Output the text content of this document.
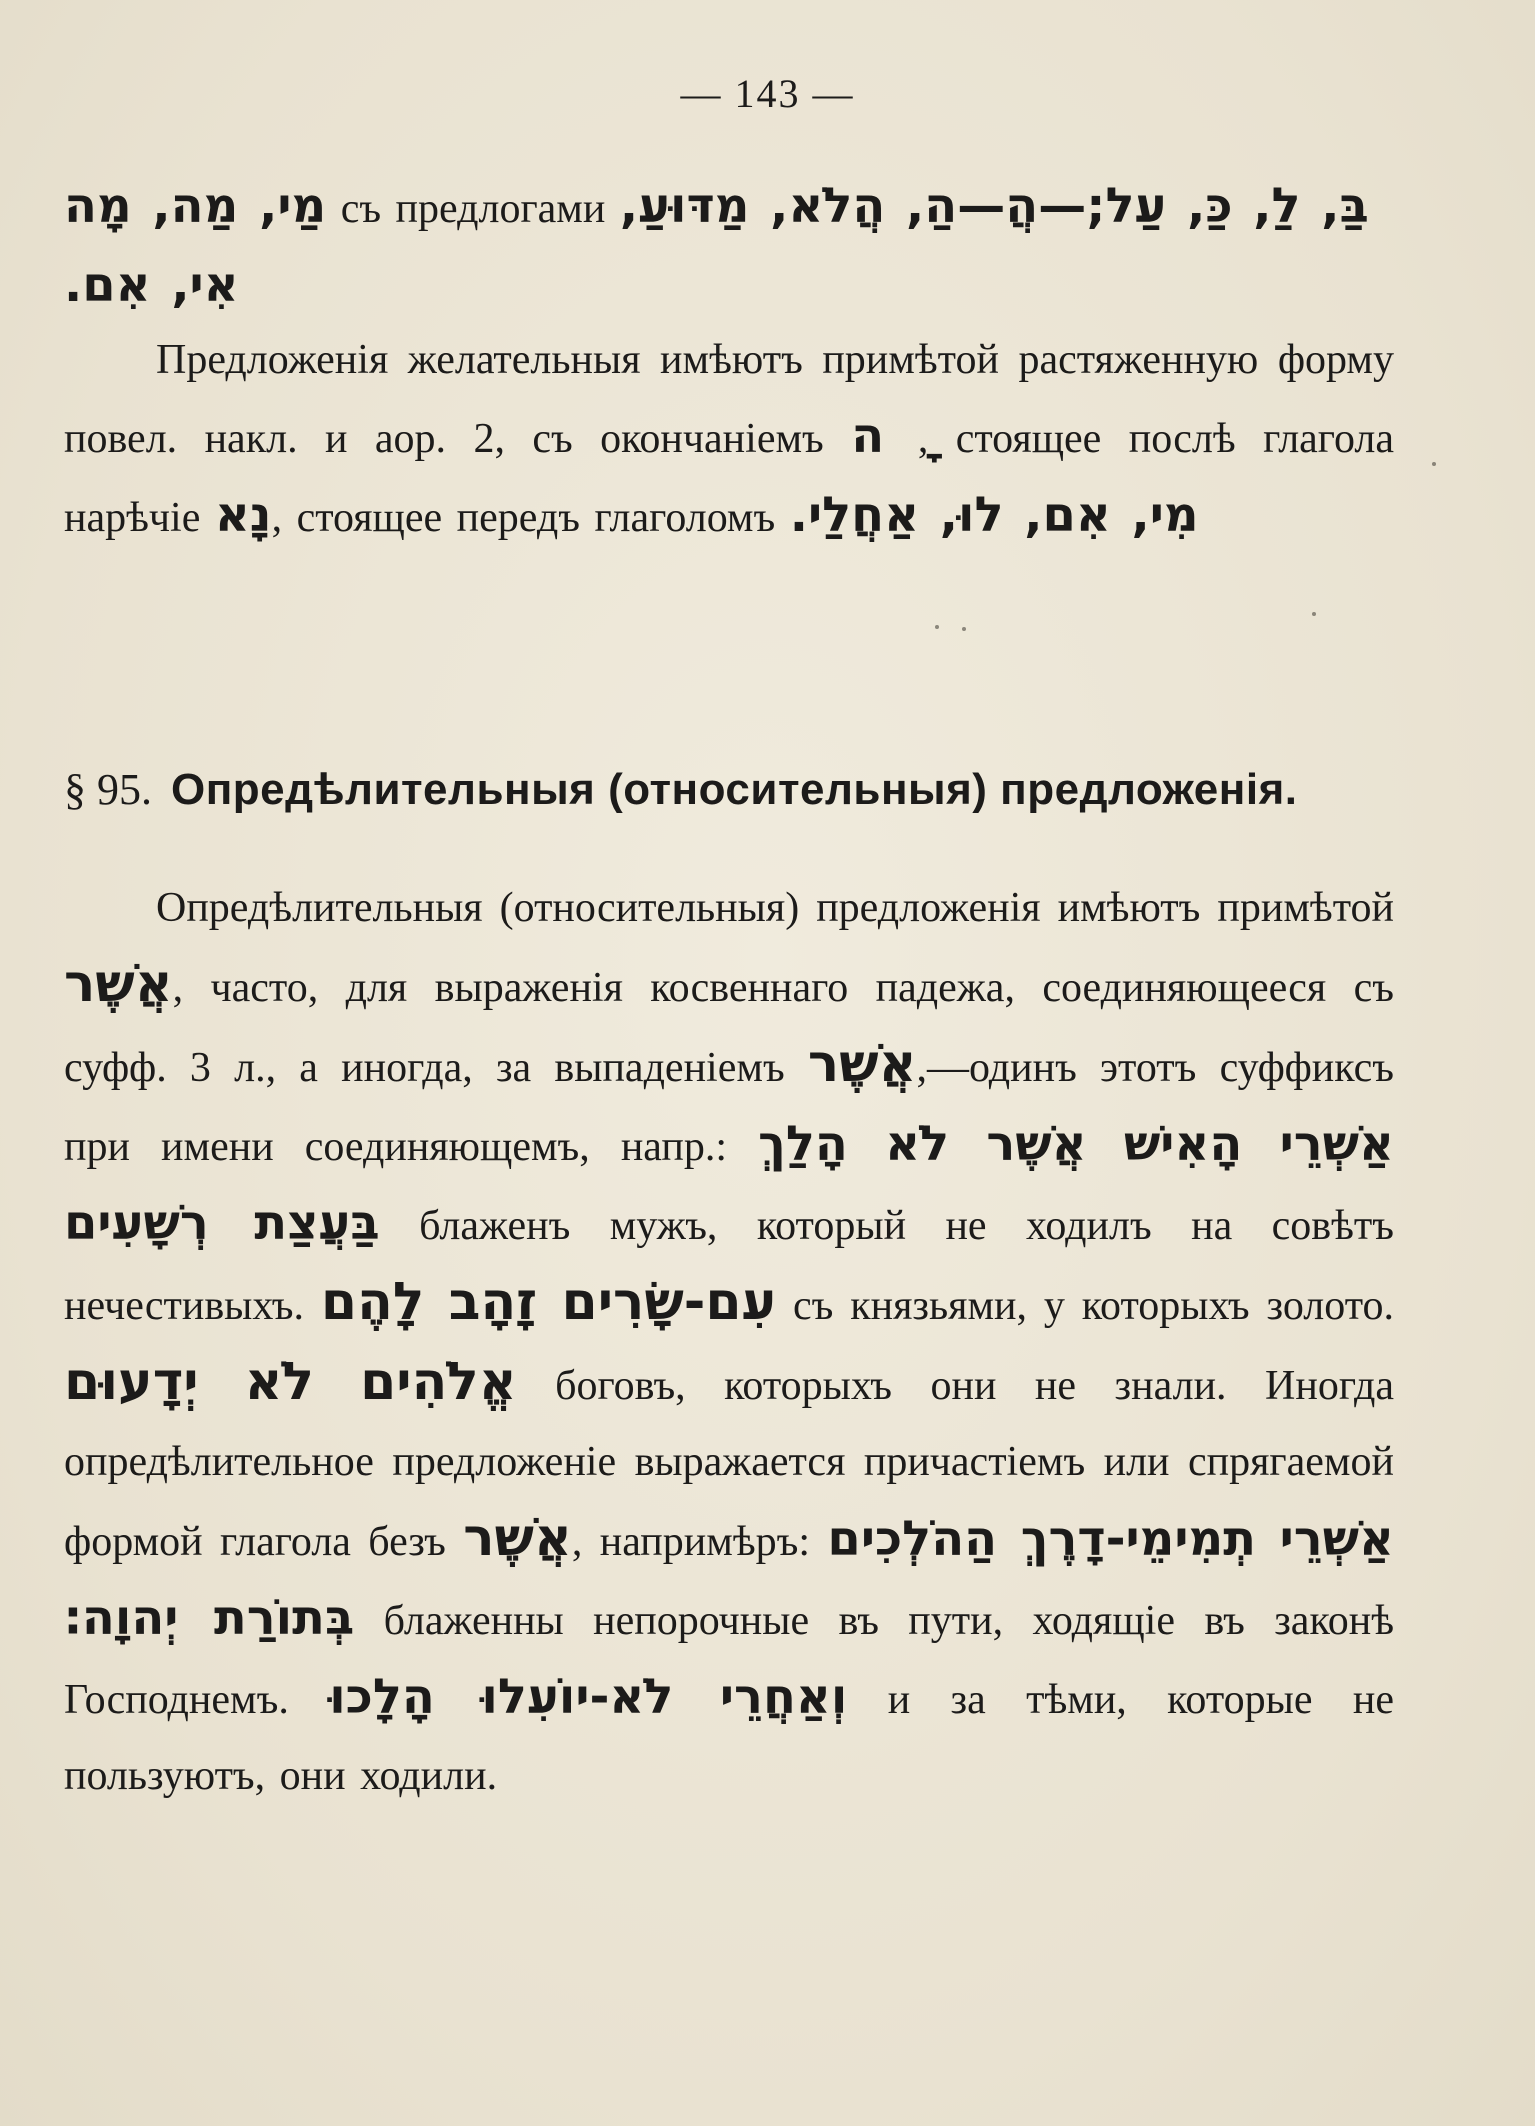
— 143 —

מַי, מַה, מָה съ предлогами בַּ, לַ, כַּ, עַל;—הֲ—הַ, הֲלֹא, מַדּוּעַ,
אִי, אִם.

Предложенія желательныя имѣютъ примѣтой растяженную форму повел. накл. и аор. 2, съ окончаніемъ ָ ה, стоящее послѣ глагола нарѣчіе נָא, стоящее передъ глаголомъ מִי, אִם, לוּ, אַחֲלַי.

§ 95. Опредѣлительныя (относительныя) предложенія.

Опредѣлительныя (относительныя) предложенія имѣютъ примѣтой אֲשֶׁר, часто, для выраженія косвеннаго падежа, соединяющееся съ суфф. 3 л., а иногда, за выпаденіемъ אֲשֶׁר,—одинъ этотъ суффиксъ при имени соединяющемъ, напр.: אַשְׁרֵי הָאִישׁ אֲשֶׁר לֹא הָלַךְ בַּעֲצַת רְשָׁעִים блаженъ мужъ, который не ходилъ на совѣтъ нечестивыхъ. עִם-שָׂרִים זָהָב לָהֶם съ князьями, у которыхъ золото. אֱלֹהִים לֹא יְדָעוּם боговъ, которыхъ они не знали. Иногда опредѣлительное предложеніе выражается причастіемъ или спрягаемой формой глагола безъ אֲשֶׁר, напримѣръ: אַשְׁרֵי תְמִימֵי-דָרֶךְ הַהֹלְכִים בְּתוֹרַת יְהוָה׃ блаженны непорочные въ пути, ходящіе въ законѣ Господнемъ. וְאַחֲרֵי לֹא-יוֹעִלוּ הָלָכוּ и за тѣми, которые не пользуютъ, они ходили.
